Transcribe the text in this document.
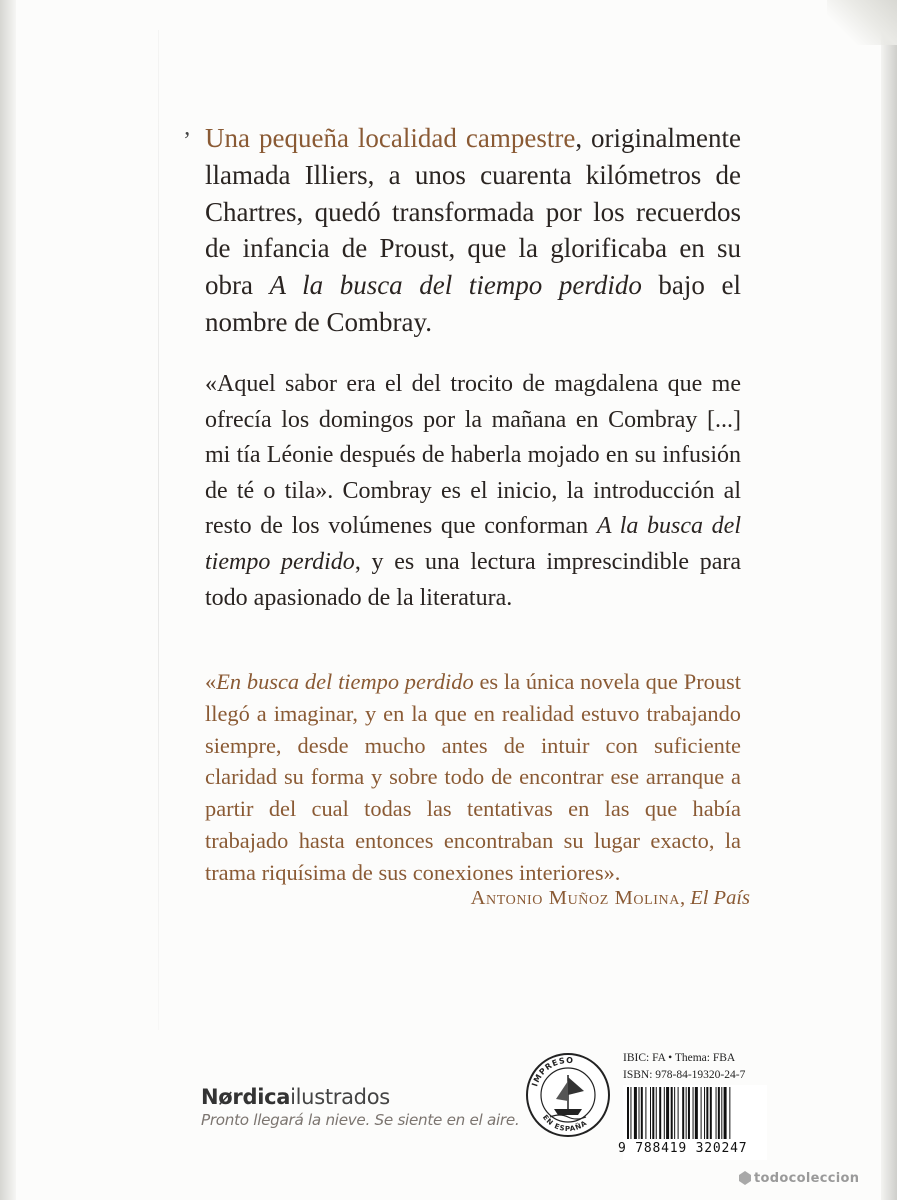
ʼ Una pequeña localidad campestre, originalmente llamada Illiers, a unos cuarenta kilómetros de Chartres, quedó transformada por los recuerdos de infancia de Proust, que la glorificaba en su obra A la busca del tiempo perdido bajo el nombre de Combray.
«Aquel sabor era el del trocito de magdalena que me ofrecía los domingos por la mañana en Combray [...] mi tía Léonie después de haberla mojado en su infusión de té o tila». Combray es el inicio, la introducción al resto de los volúmenes que conforman A la busca del tiempo perdido, y es una lectura imprescindible para todo apasionado de la literatura.
«En busca del tiempo perdido es la única novela que Proust llegó a imaginar, y en la que en realidad estuvo trabajando siempre, desde mucho antes de intuir con suficiente claridad su forma y sobre todo de encontrar ese arranque a partir del cual todas las tentativas en las que había trabajado hasta entonces encontraban su lugar exacto, la trama riquísima de sus conexiones interiores».
Antonio Muñoz Molina, El País
Nørdicailustrados
Pronto llegará la nieve. Se siente en el aire.
IMPRESO
EN ESPAÑA
IBIC: FA • Thema: FBA
ISBN: 978-84-19320-24-7
9 788419 320247
todocoleccion
